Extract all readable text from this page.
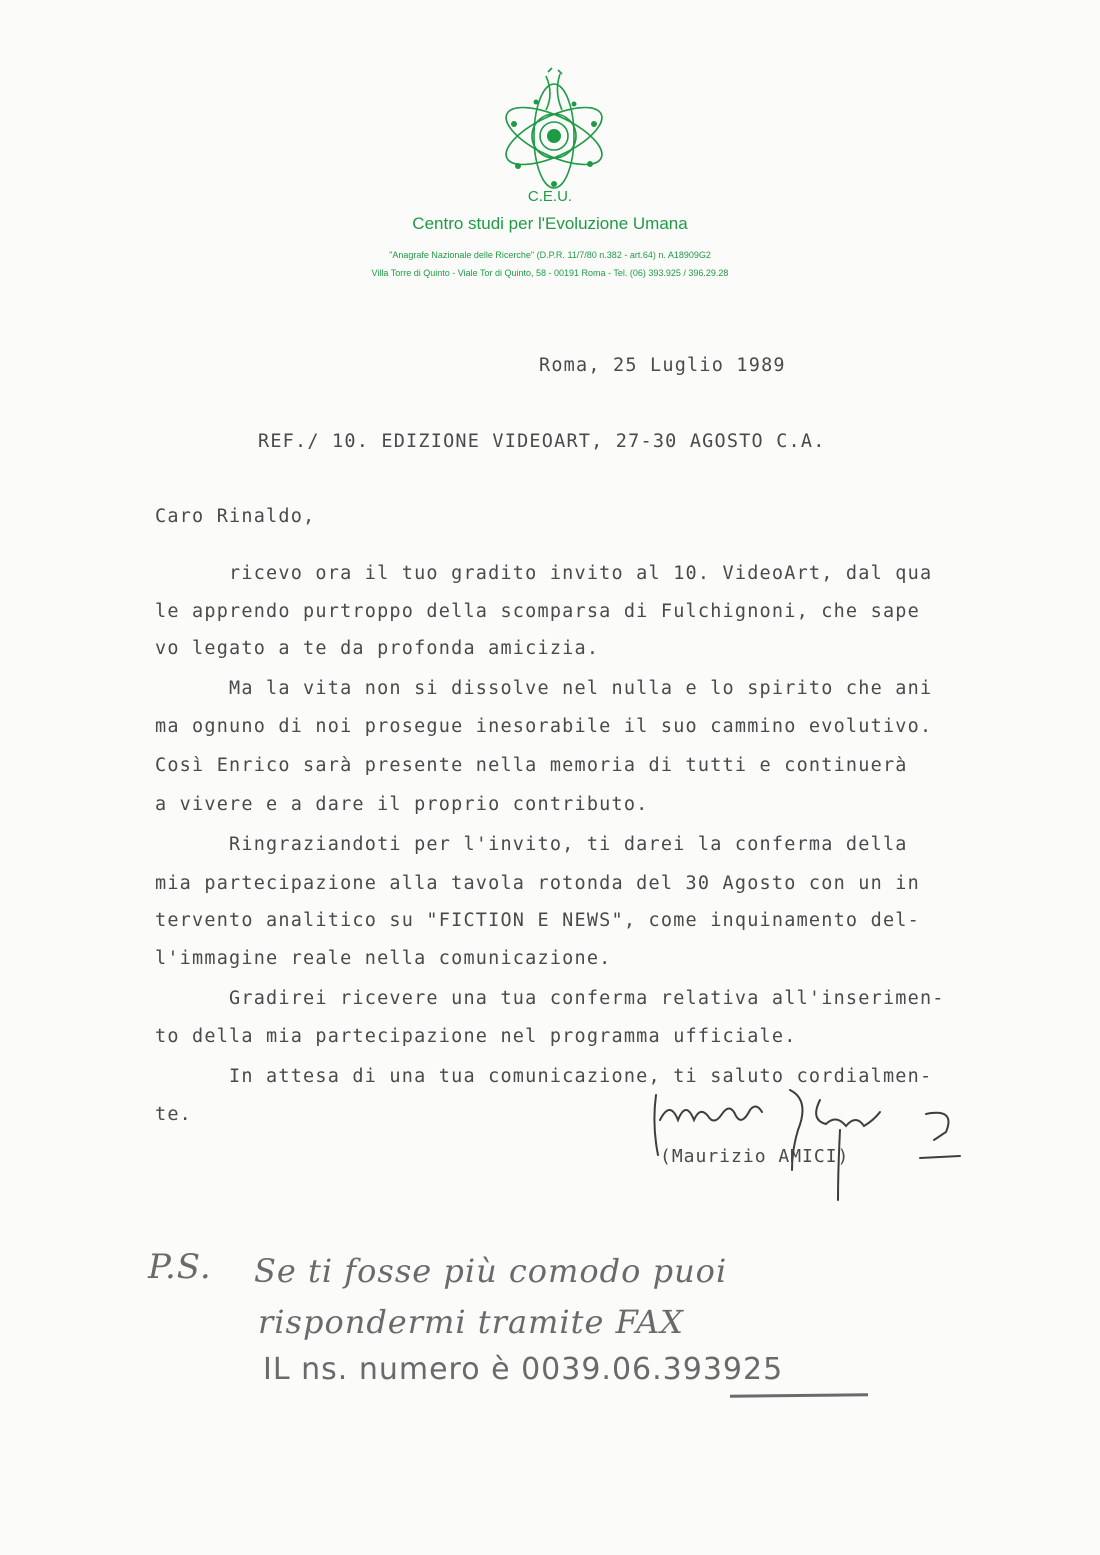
C.E.U.
Centro studi per l'Evoluzione Umana
"Anagrafe Nazionale delle Ricerche" (D.P.R. 11/7/80 n.382 - art.64) n. A18909G2
Villa Torre di Quinto - Viale Tor di Quinto, 58 - 00191 Roma - Tel. (06) 393.925 / 396.29.28
Roma, 25 Luglio 1989
REF./ 10. EDIZIONE VIDEOART, 27-30 AGOSTO C.A.
Caro Rinaldo,
ricevo ora il tuo gradito invito al 10. VideoArt, dal qua
le apprendo purtroppo della scomparsa di Fulchignoni, che sape
vo legato a te da profonda amicizia.
Ma la vita non si dissolve nel nulla e lo spirito che ani
ma ognuno di noi prosegue inesorabile il suo cammino evolutivo.
Così Enrico sarà presente nella memoria di tutti e continuerà
a vivere e a dare il proprio contributo.
Ringraziandoti per l'invito, ti darei la conferma della
mia partecipazione alla tavola rotonda del 30 Agosto con un in
tervento analitico su "FICTION E NEWS", come inquinamento del-
l'immagine reale nella comunicazione.
Gradirei ricevere una tua conferma relativa all'inserimen-
to della mia partecipazione nel programma ufficiale.
In attesa di una tua comunicazione, ti saluto cordialmen-
te.
(Maurizio AMICI)
P.S. Se ti fosse più comodo puoi
rispondermi tramite FAX
IL ns. numero è 0039.06.393925
